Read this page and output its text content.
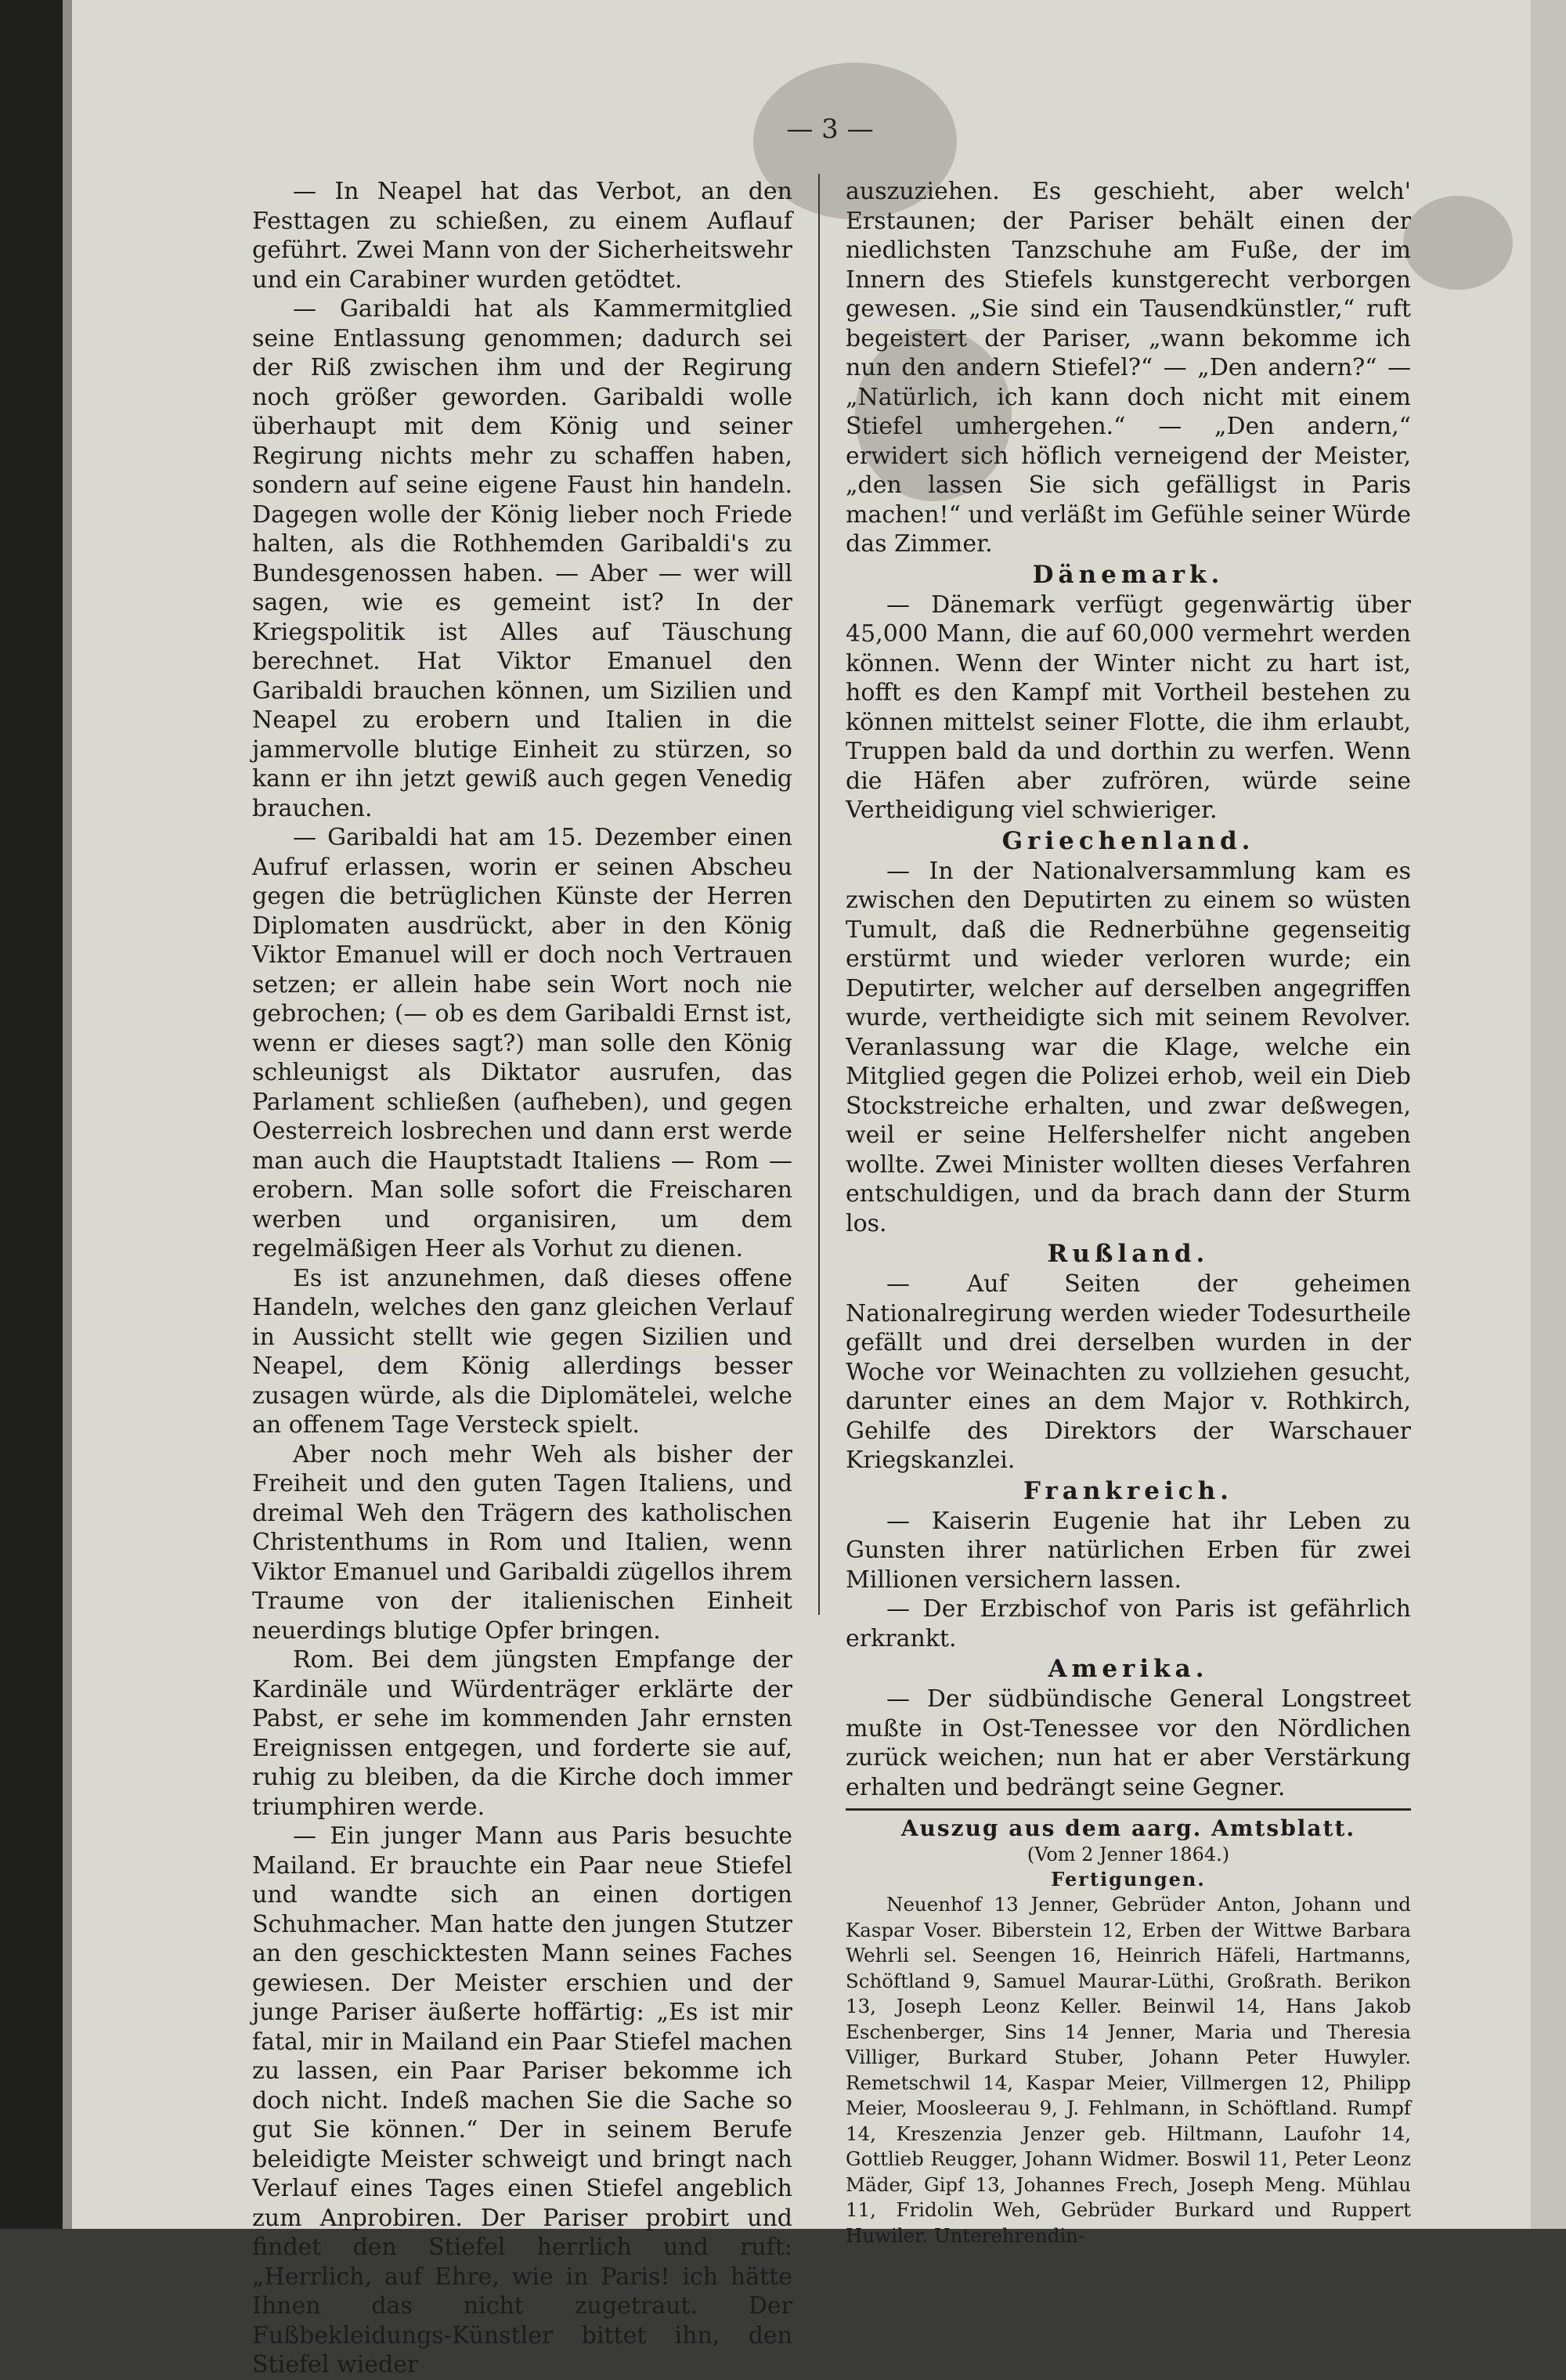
— 3 —

— In Neapel hat das Verbot, an den Festtagen zu schießen, zu einem Auflauf geführt. Zwei Mann von der Sicherheitswehr und ein Carabiner wurden getödtet.

— Garibaldi hat als Kammermitglied seine Entlassung genommen; dadurch sei der Riß zwischen ihm und der Regirung noch größer geworden. Garibaldi wolle überhaupt mit dem König und seiner Regirung nichts mehr zu schaffen haben, sondern auf seine eigene Faust hin handeln. Dagegen wolle der König lieber noch Friede halten, als die Rothhemden Garibaldi's zu Bundesgenossen haben. — Aber — wer will sagen, wie es gemeint ist? In der Kriegspolitik ist Alles auf Täuschung berechnet. Hat Viktor Emanuel den Garibaldi brauchen können, um Sizilien und Neapel zu erobern und Italien in die jammervolle blutige Einheit zu stürzen, so kann er ihn jetzt gewiß auch gegen Venedig brauchen.

— Garibaldi hat am 15. Dezember einen Aufruf erlassen, worin er seinen Abscheu gegen die betrüglichen Künste der Herren Diplomaten ausdrückt, aber in den König Viktor Emanuel will er doch noch Vertrauen setzen; er allein habe sein Wort noch nie gebrochen; (— ob es dem Garibaldi Ernst ist, wenn er dieses sagt?) man solle den König schleunigst als Diktator ausrufen, das Parlament schließen (aufheben), und gegen Oesterreich losbrechen und dann erst werde man auch die Hauptstadt Italiens — Rom — erobern. Man solle sofort die Freischaren werben und organisiren, um dem regelmäßigen Heer als Vorhut zu dienen.

Es ist anzunehmen, daß dieses offene Handeln, welches den ganz gleichen Verlauf in Aussicht stellt wie gegen Sizilien und Neapel, dem König allerdings besser zusagen würde, als die Diplomätelei, welche an offenem Tage Versteck spielt.

Aber noch mehr Weh als bisher der Freiheit und den guten Tagen Italiens, und dreimal Weh den Trägern des katholischen Christenthums in Rom und Italien, wenn Viktor Emanuel und Garibaldi zügellos ihrem Traume von der italienischen Einheit neuerdings blutige Opfer bringen.

Rom. Bei dem jüngsten Empfange der Kardinäle und Würdenträger erklärte der Pabst, er sehe im kommenden Jahr ernsten Ereignissen entgegen, und forderte sie auf, ruhig zu bleiben, da die Kirche doch immer triumphiren werde.

— Ein junger Mann aus Paris besuchte Mailand. Er brauchte ein Paar neue Stiefel und wandte sich an einen dortigen Schuhmacher. Man hatte den jungen Stutzer an den geschicktesten Mann seines Faches gewiesen. Der Meister erschien und der junge Pariser äußerte hoffärtig: „Es ist mir fatal, mir in Mailand ein Paar Stiefel machen zu lassen, ein Paar Pariser bekomme ich doch nicht. Indeß machen Sie die Sache so gut Sie können.“ Der in seinem Berufe beleidigte Meister schweigt und bringt nach Verlauf eines Tages einen Stiefel angeblich zum Anprobiren. Der Pariser probirt und findet den Stiefel herrlich und ruft: „Herrlich, auf Ehre, wie in Paris! ich hätte Ihnen das nicht zugetraut. Der Fußbekleidungs-Künstler bittet ihn, den Stiefel wieder

auszuziehen. Es geschieht, aber welch' Erstaunen; der Pariser behält einen der niedlichsten Tanzschuhe am Fuße, der im Innern des Stiefels kunstgerecht verborgen gewesen. „Sie sind ein Tausendkünstler,“ ruft begeistert der Pariser, „wann bekomme ich nun den andern Stiefel?“ — „Den andern?“ — „Natürlich, ich kann doch nicht mit einem Stiefel umhergehen.“ — „Den andern,“ erwidert sich höflich verneigend der Meister, „den lassen Sie sich gefälligst in Paris machen!“ und verläßt im Gefühle seiner Würde das Zimmer.

Dänemark.

— Dänemark verfügt gegenwärtig über 45,000 Mann, die auf 60,000 vermehrt werden können. Wenn der Winter nicht zu hart ist, hofft es den Kampf mit Vortheil bestehen zu können mittelst seiner Flotte, die ihm erlaubt, Truppen bald da und dorthin zu werfen. Wenn die Häfen aber zufrören, würde seine Vertheidigung viel schwieriger.

Griechenland.

— In der Nationalversammlung kam es zwischen den Deputirten zu einem so wüsten Tumult, daß die Rednerbühne gegenseitig erstürmt und wieder verloren wurde; ein Deputirter, welcher auf derselben angegriffen wurde, vertheidigte sich mit seinem Revolver. Veranlassung war die Klage, welche ein Mitglied gegen die Polizei erhob, weil ein Dieb Stockstreiche erhalten, und zwar deßwegen, weil er seine Helfershelfer nicht angeben wollte. Zwei Minister wollten dieses Verfahren entschuldigen, und da brach dann der Sturm los.

Rußland.

— Auf Seiten der geheimen Nationalregirung werden wieder Todesurtheile gefällt und drei derselben wurden in der Woche vor Weinachten zu vollziehen gesucht, darunter eines an dem Major v. Rothkirch, Gehilfe des Direktors der Warschauer Kriegskanzlei.

Frankreich.

— Kaiserin Eugenie hat ihr Leben zu Gunsten ihrer natürlichen Erben für zwei Millionen versichern lassen.

— Der Erzbischof von Paris ist gefährlich erkrankt.

Amerika.

— Der südbündische General Longstreet mußte in Ost-Tenessee vor den Nördlichen zurück weichen; nun hat er aber Verstärkung erhalten und bedrängt seine Gegner.

Auszug aus dem aarg. Amtsblatt.
(Vom 2 Jenner 1864.)
Fertigungen.

Neuenhof 13 Jenner, Gebrüder Anton, Johann und Kaspar Voser. Biberstein 12, Erben der Wittwe Barbara Wehrli sel. Seengen 16, Heinrich Häfeli, Hartmanns, Schöftland 9, Samuel Maurar-Lüthi, Großrath. Berikon 13, Joseph Leonz Keller. Beinwil 14, Hans Jakob Eschenberger, Sins 14 Jenner, Maria und Theresia Villiger, Burkard Stuber, Johann Peter Huwyler. Remetschwil 14, Kaspar Meier, Villmergen 12, Philipp Meier, Moosleerau 9, J. Fehlmann, in Schöftland. Rumpf 14, Kreszenzia Jenzer geb. Hiltmann, Laufohr 14, Gottlieb Reugger, Johann Widmer. Boswil 11, Peter Leonz Mäder, Gipf 13, Johannes Frech, Joseph Meng. Mühlau 11, Fridolin Weh, Gebrüder Burkard und Ruppert Huwiler. Unterehrendin-
